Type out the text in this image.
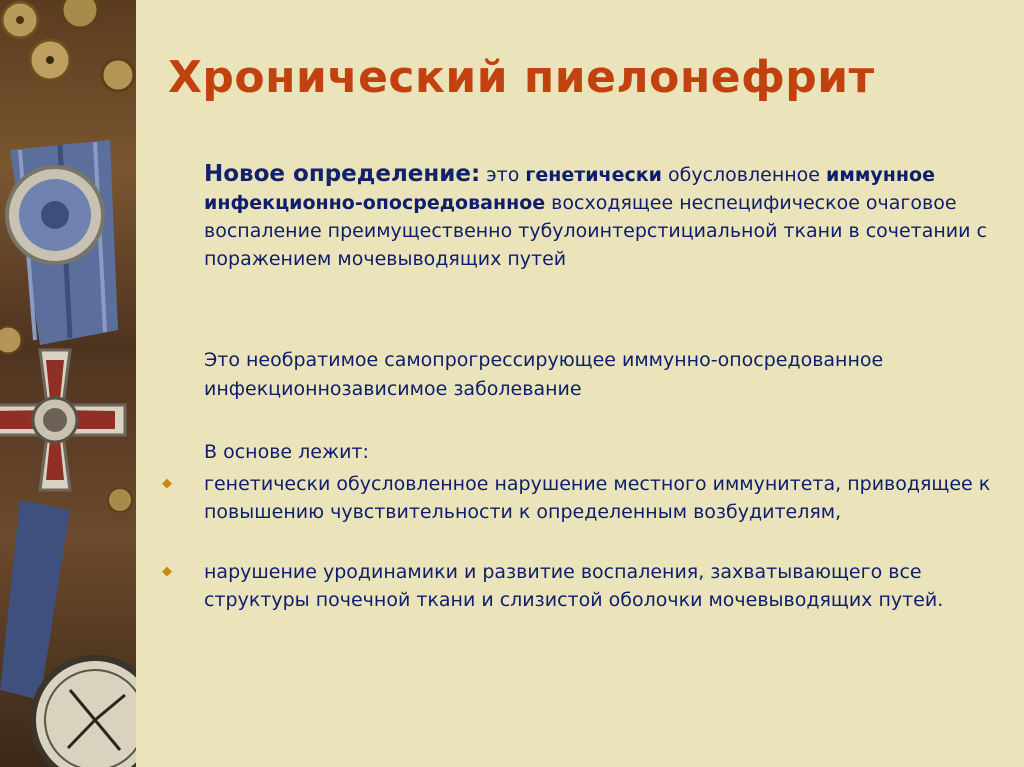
Хронический пиелонефрит
Новое определение: это генетически обусловленное иммунное инфекционно-опосредованное восходящее неспецифическое очаговое воспаление преимущественно тубулоинтерстициальной ткани в сочетании с поражением мочевыводящих путей
Это необратимое самопрогрессирующее иммунно-опосредованное инфекционнозависимое заболевание
В основе лежит:
генетически обусловленное нарушение местного иммунитета, приводящее к повышению чувствительности к определенным возбудителям,
нарушение уродинамики и развитие воспаления, захватывающего все структуры почечной ткани и слизистой оболочки мочевыводящих путей.
◆
◆
